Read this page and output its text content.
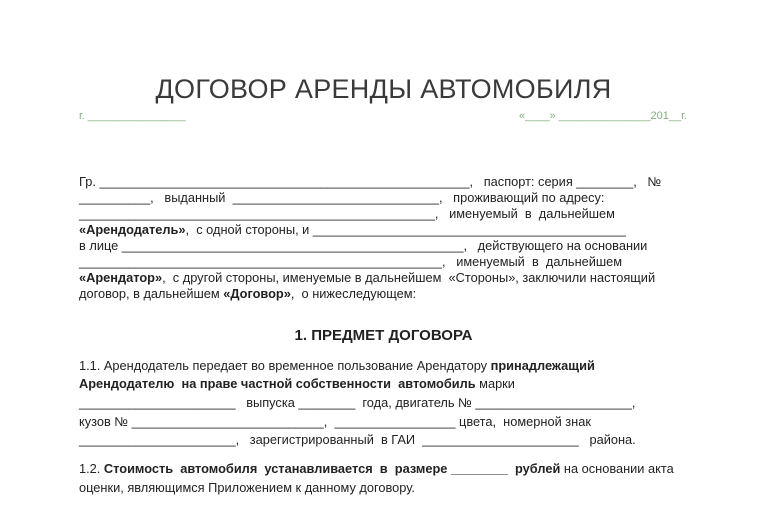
ДОГОВОР АРЕНДЫ АВТОМОБИЛЯ
г. ________________	«____» _______________201__г.
Гр. ____________________________________________________,   паспорт: серия ________,   №
__________,   выданный  _____________________________,   проживающий по адресу:
__________________________________________________,   именуемый  в  дальнейшем
«Арендодатель»,  с одной стороны, и ____________________________________________
в лице ________________________________________________,   действующего на основании
___________________________________________________,   именуемый  в  дальнейшем
«Арендатор»,  с другой стороны, именуемые в дальнейшем  «Стороны», заключили настоящий
договор, в дальнейшем «Договор»,  о нижеследующем:
1. ПРЕДМЕТ ДОГОВОРА
1.1. Арендодатель передает во временное пользование Арендатору принадлежащий
Арендодателю  на праве частной собственности  автомобиль марки
______________________   выпуска ________  года, двигатель № ______________________,
кузов № ___________________________,  _________________ цвета,  номерной знак
______________________,   зарегистрированный  в ГАИ  ______________________   района.
1.2. Стоимость  автомобиля  устанавливается  в  размере ________  рублей на основании акта
оценки, являющимся Приложением к данному договору.
